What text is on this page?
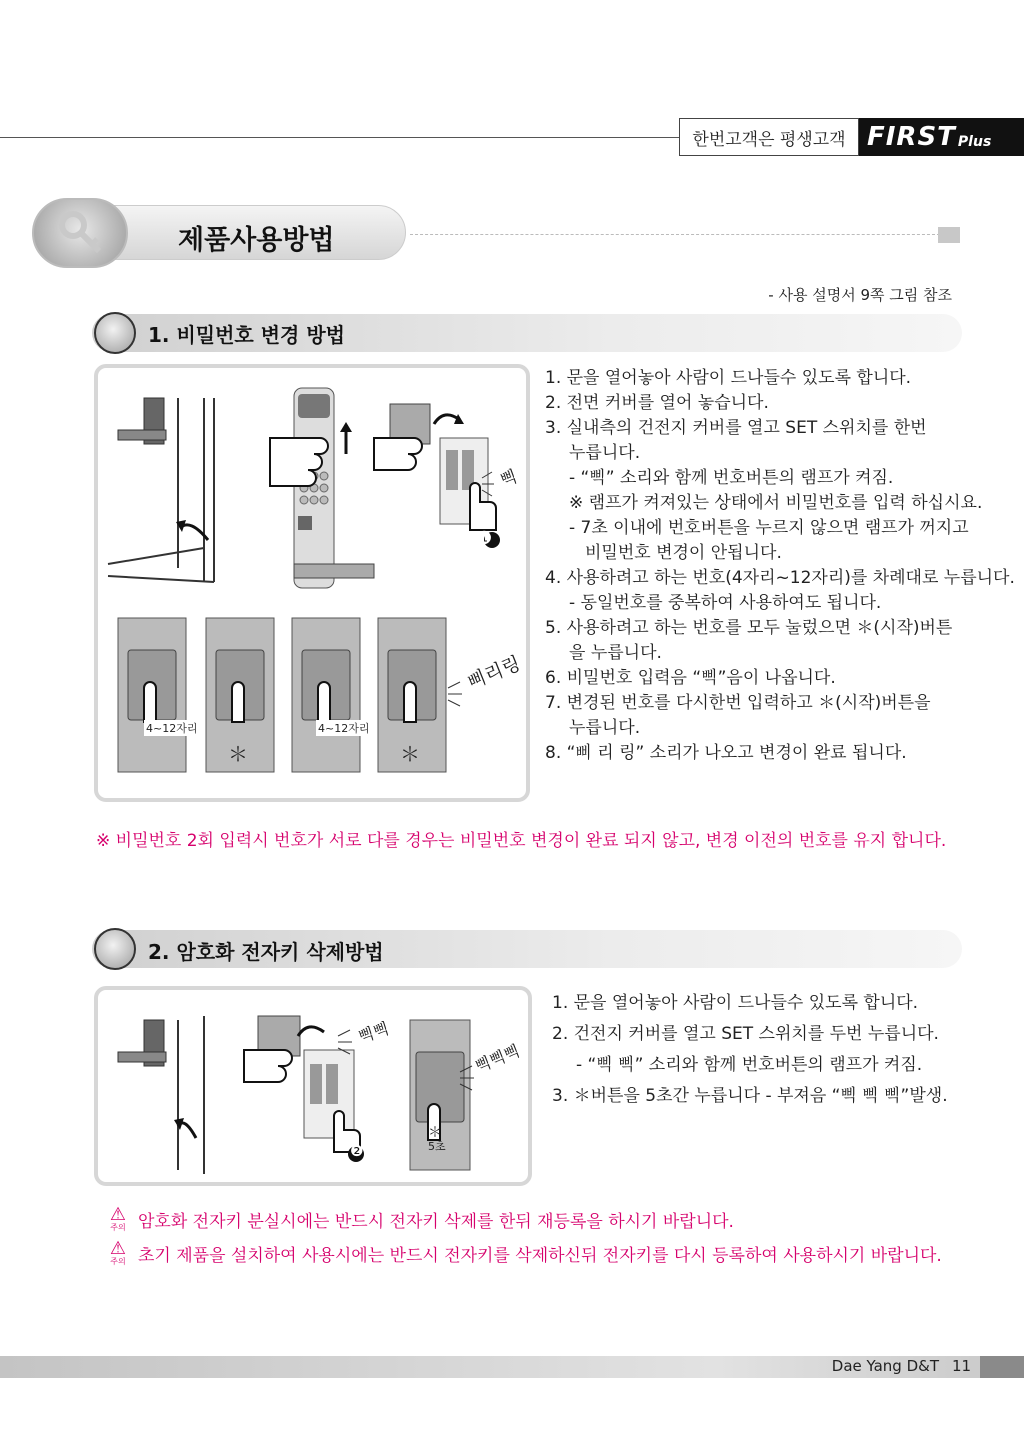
한번고객은 평생고객 FIRST Plus
제품사용방법
- 사용 설명서 9쪽 그림 참조
1. 비밀번호 변경 방법
삑
❶
4~12자리
＊
4~12자리
＊
삐리링
1. 문을 열어놓아 사람이 드나들수 있도록 합니다.
2. 전면 커버를 열어 놓습니다.
3. 실내측의 건전지 커버를 열고 SET 스위치를 한번
누릅니다.
- “삑” 소리와 함께 번호버튼의 램프가 켜짐.
※ 램프가 켜져있는 상태에서 비밀번호를 입력 하십시요.
- 7초 이내에 번호버튼을 누르지 않으면 램프가 꺼지고
비밀번호 변경이 안됩니다.
4. 사용하려고 하는 번호(4자리~12자리)를 차례대로 누릅니다.
- 동일번호를 중복하여 사용하여도 됩니다.
5. 사용하려고 하는 번호를 모두 눌렀으면 ＊(시작)버튼
을 누릅니다.
6. 비밀번호 입력음 “삑”음이 나옵니다.
7. 변경된 번호를 다시한번 입력하고 ＊(시작)버튼을
누릅니다.
8. “삐 리 링” 소리가 나오고 변경이 완료 됩니다.
※ 비밀번호 2회 입력시 번호가 서로 다를 경우는 비밀번호 변경이 완료 되지 않고, 변경 이전의 번호를 유지 합니다.
2. 암호화 전자키 삭제방법
삑삑
삑삑삑
❷
＊
5초
1. 문을 열어놓아 사람이 드나들수 있도록 합니다.
2. 건전지 커버를 열고 SET 스위치를 두번 누릅니다.
- “삑 삑” 소리와 함께 번호버튼의 램프가 켜짐.
3. ＊버튼을 5초간 누릅니다 - 부져음 “삑 삑 삑”발생.
⚠
주의 암호화 전자키 분실시에는 반드시 전자키 삭제를 한뒤 재등록을 하시기 바랍니다.
⚠
주의 초기 제품을 설치하여 사용시에는 반드시 전자키를 삭제하신뒤 전자키를 다시 등록하여 사용하시기 바랍니다.
Dae Yang D&T 11
